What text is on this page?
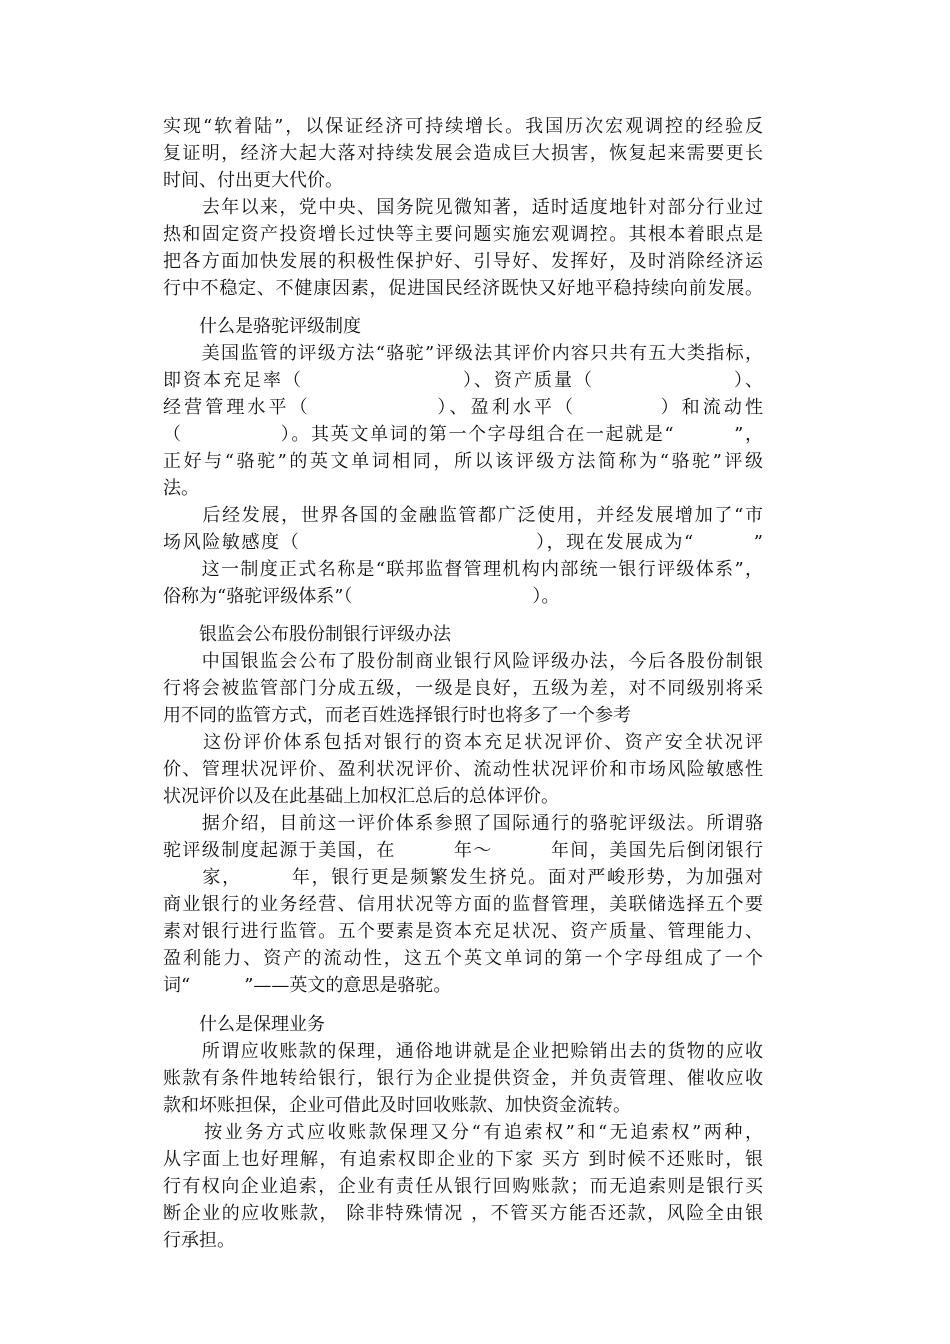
实现“软着陆”，以保证经济可持续增长。我国历次宏观调控的经验反
复证明，经济大起大落对持续发展会造成巨大损害，恢复起来需要更长
时间、付出更大代价。
　　去年以来，党中央、国务院见微知著，适时适度地针对部分行业过
热和固定资产投资增长过快等主要问题实施宏观调控。其根本着眼点是
把各方面加快发展的积极性保护好、引导好、发挥好，及时消除经济运
行中不稳定、不健康因素，促进国民经济既快又好地平稳持续向前发展。
什么是骆驼评级制度
　　美国监管的评级方法“骆驼”评级法其评价内容只共有五大类指标，
即资本充足率（　　　　　　　　）、资产质量（　　　　　　　）、
经营管理水平（　　　　　　）、盈利水平（　　　　）和流动性
（　　　　　）。其英文单词的第一个字母组合在一起就是“　　　”，
正好与“骆驼”的英文单词相同，所以该评级方法简称为“骆驼”评级
法。
　　后经发展，世界各国的金融监管都广泛使用，并经发展增加了“市
场风险敏感度（　　　　　　　　　　　　），现在发展成为“　　　”
　　这一制度正式名称是“联邦监督管理机构内部统一银行评级体系”，
俗称为“骆驼评级体系”（　　　　　　　　　　）。
银监会公布股份制银行评级办法
　　中国银监会公布了股份制商业银行风险评级办法，今后各股份制银
行将会被监管部门分成五级，一级是良好，五级为差，对不同级别将采
用不同的监管方式，而老百姓选择银行时也将多了一个参考
　　这份评价体系包括对银行的资本充足状况评价、资产安全状况评
价、管理状况评价、盈利状况评价、流动性状况评价和市场风险敏感性
状况评价以及在此基础上加权汇总后的总体评价。
　　据介绍，目前这一评价体系参照了国际通行的骆驼评级法。所谓骆
驼评级制度起源于美国，在　　　年～　　　年间，美国先后倒闭银行
　　家，　　　年，银行更是频繁发生挤兑。面对严峻形势，为加强对
商业银行的业务经营、信用状况等方面的监督管理，美联储选择五个要
素对银行进行监管。五个要素是资本充足状况、资产质量、管理能力、
盈利能力、资产的流动性，这五个英文单词的第一个字母组成了一个
词“　　　”——英文的意思是骆驼。
什么是保理业务
　　所谓应收账款的保理，通俗地讲就是企业把赊销出去的货物的应收
账款有条件地转给银行，银行为企业提供资金，并负责管理、催收应收
款和坏账担保，企业可借此及时回收账款、加快资金流转。
　　按业务方式应收账款保理又分“有追索权”和“无追索权”两种，
从字面上也好理解，有追索权即企业的下家 买方 到时候不还账时，银
行有权向企业追索，企业有责任从银行回购账款；而无追索则是银行买
断企业的应收账款， 除非特殊情况 ，不管买方能否还款，风险全由银
行承担。
